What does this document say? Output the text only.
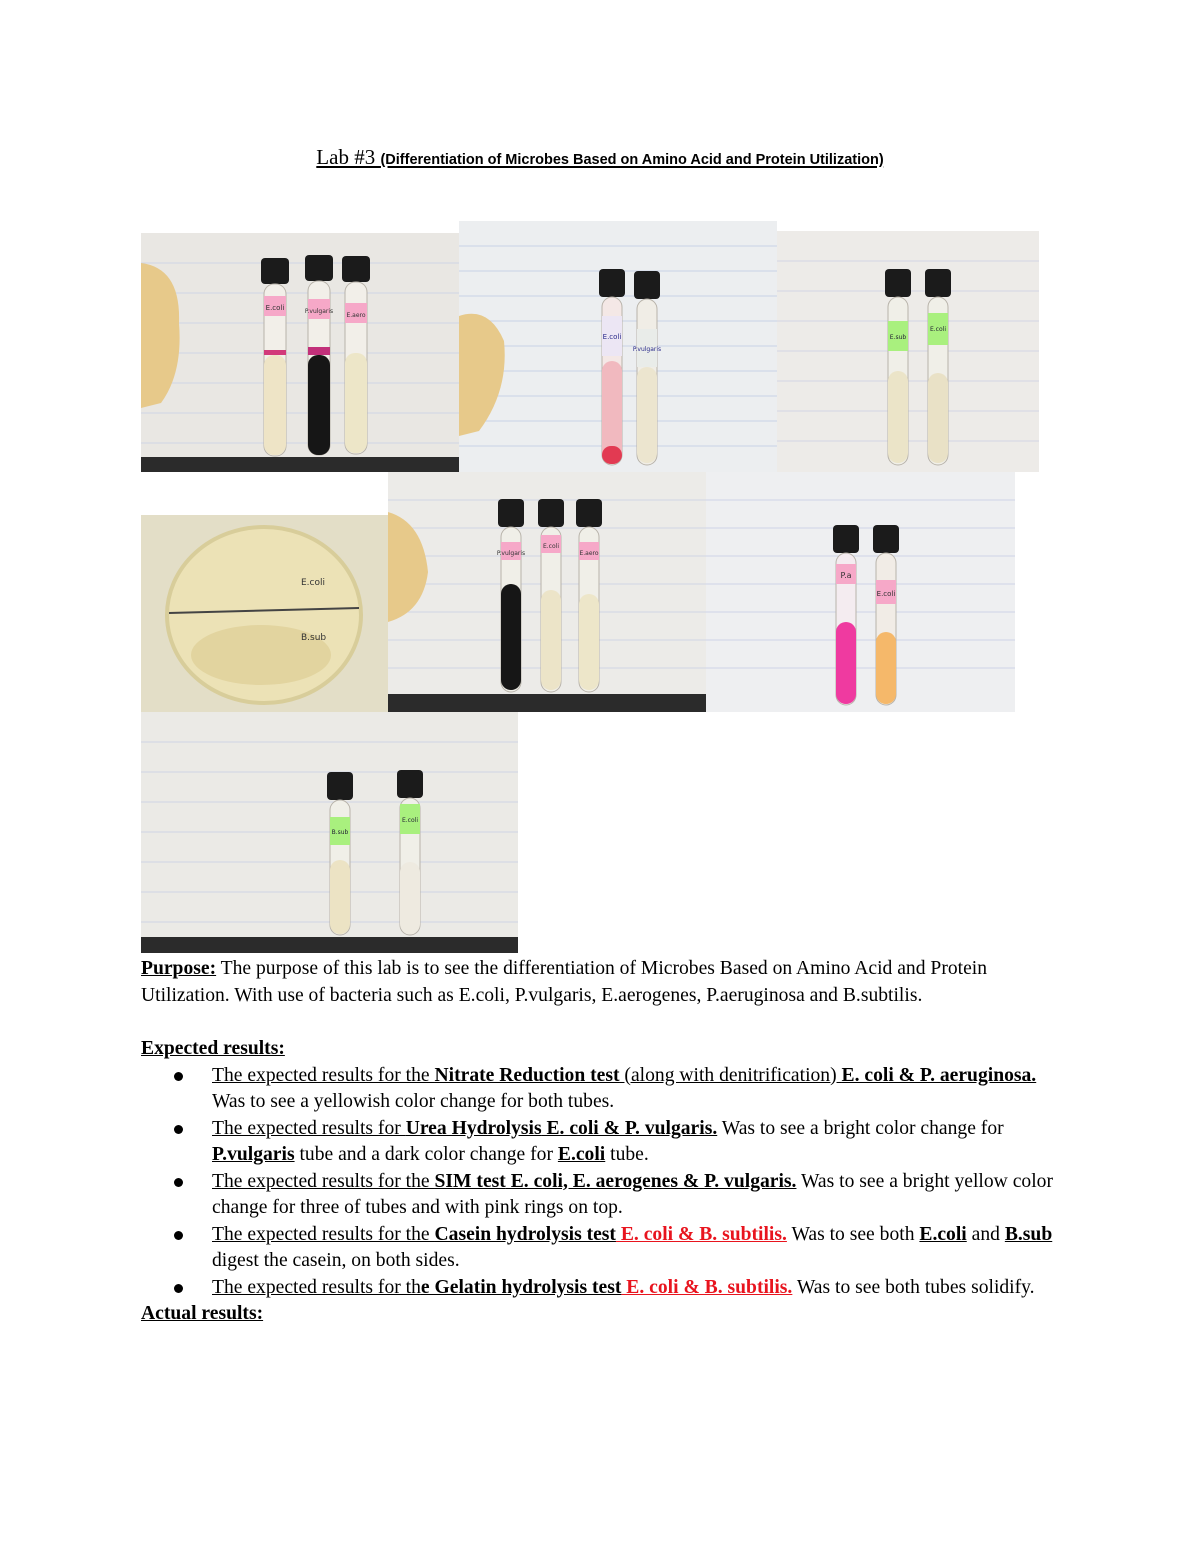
Lab #3 (Differentiation of Microbes Based on Amino Acid and Protein Utilization)
E.coli	P.vulgaris
E.aero
E.coli
P.vulgaris
E.sub
E.coli
E.coli
B.sub
P.vulgaris
E.coli
E.aero
P.a
E.coli
B.sub
E.coli

Purpose: The purpose of this lab is to see the differentiation of Microbes Based on Amino Acid and Protein Utilization. With use of bacteria such as E.coli, P.vulgaris, E.aerogenes, P.aeruginosa and B.subtilis.

Expected results:

The expected results for the Nitrate Reduction test (along with denitrification) E. coli & P. aeruginosa. Was to see a yellowish color change for both tubes.
The expected results for Urea Hydrolysis E. coli & P. vulgaris. Was to see a bright color change for P.vulgaris tube and a dark color change for E.coli tube.
The expected results for the SIM test E. coli, E. aerogenes & P. vulgaris. Was to see a bright yellow color change for three of tubes and with pink rings on top.
The expected results for the Casein hydrolysis test E. coli & B. subtilis. Was to see both E.coli and B.sub digest the casein, on both sides.
The expected results for the Gelatin hydrolysis test E. coli & B. subtilis. Was to see both tubes solidify.

Actual results:
